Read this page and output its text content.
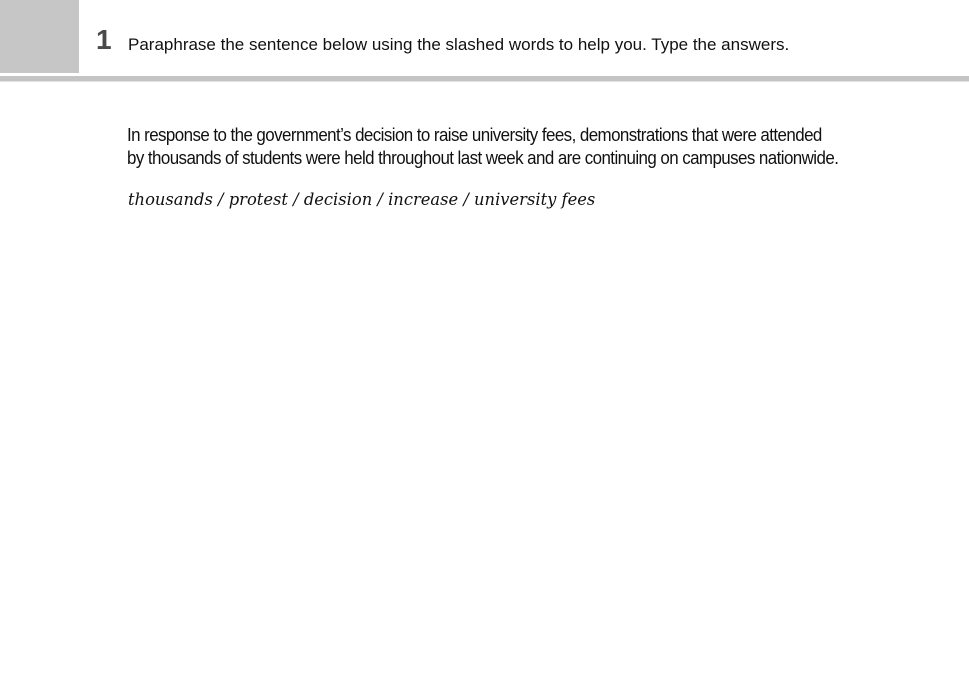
1 Paraphrase the sentence below using the slashed words to help you. Type the answers.
In response to the government’s decision to raise university fees, demonstrations that were attended
by thousands of students were held throughout last week and are continuing on campuses nationwide.
thousands / protest / decision / increase / university fees
